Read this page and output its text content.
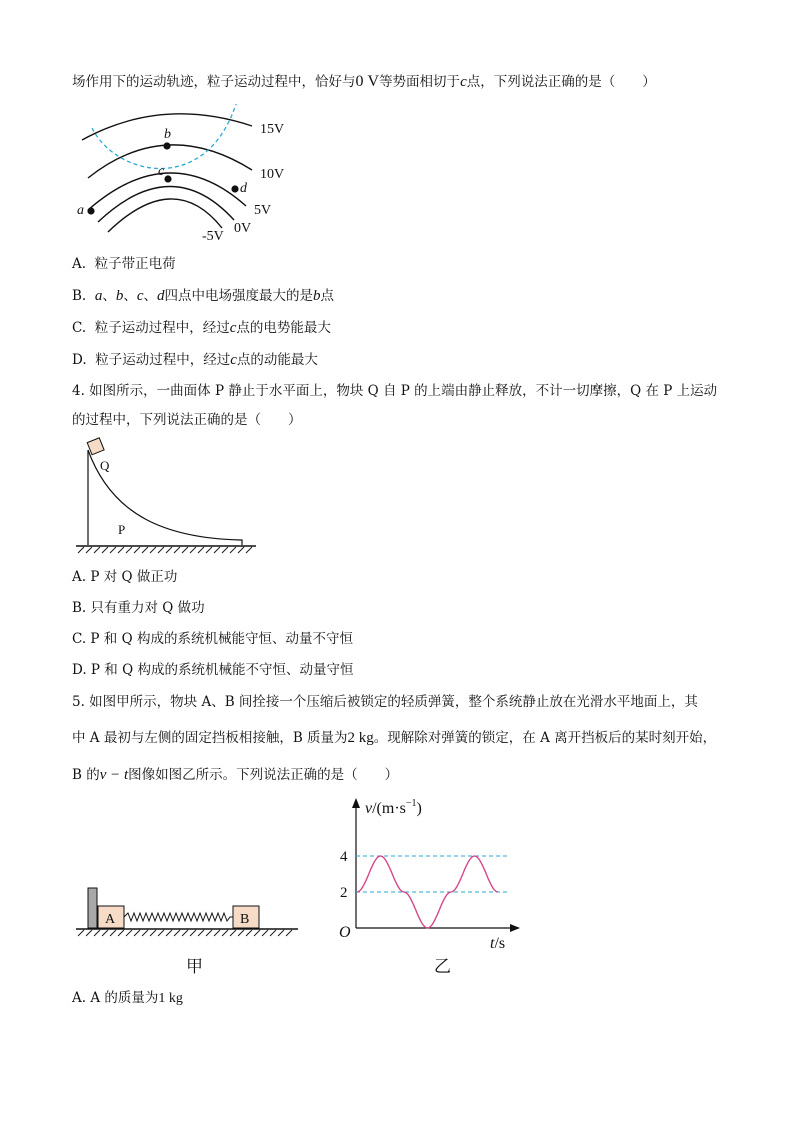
场作用下的运动轨迹，粒子运动过程中，恰好与0 V等势面相切于c点，下列说法正确的是（　　）
a
b
c
d
15V
10V
5V
0V
-5V
A. 粒子带正电荷
B. a、b、c、d四点中电场强度最大的是b点
C. 粒子运动过程中，经过c点的电势能最大
D. 粒子运动过程中，经过c点的动能最大
4. 如图所示，一曲面体 P 静止于水平面上，物块 Q 自 P 的上端由静止释放，不计一切摩擦，Q 在 P 上运动
的过程中，下列说法正确的是（　　）
Q
P
A. P 对 Q 做正功
B. 只有重力对 Q 做功
C. P 和 Q 构成的系统机械能守恒、动量不守恒
D. P 和 Q 构成的系统机械能不守恒、动量守恒
5. 如图甲所示，物块 A、B 间拴接一个压缩后被锁定的轻质弹簧，整个系统静止放在光滑水平地面上，其
中 A 最初与左侧的固定挡板相接触，B 质量为2 kg。现解除对弹簧的锁定，在 A 离开挡板后的某时刻开始，
B 的v − t图像如图乙所示。下列说法正确的是（　　）
A	B
甲
$v/(m\cdot s^{-1})$
t/s
O
2
4
乙
A. A 的质量为1 kg
